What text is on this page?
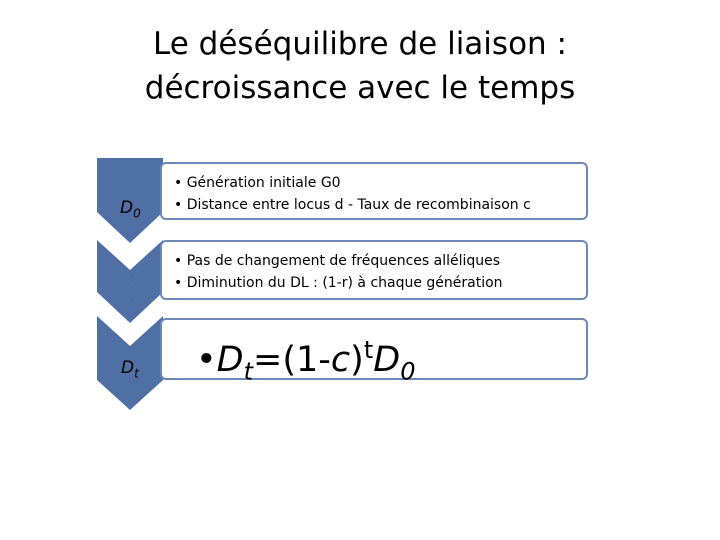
Le déséquilibre de liaison :
décroissance avec le temps
$D_0$
. . .
$D_t$
• Génération initiale G0
• Distance entre locus d - Taux de recombinaison c
• Pas de changement de fréquences alléliques
• Diminution du DL : (1-r) à chaque génération
$•D_t=(1-c)^tD_0$
